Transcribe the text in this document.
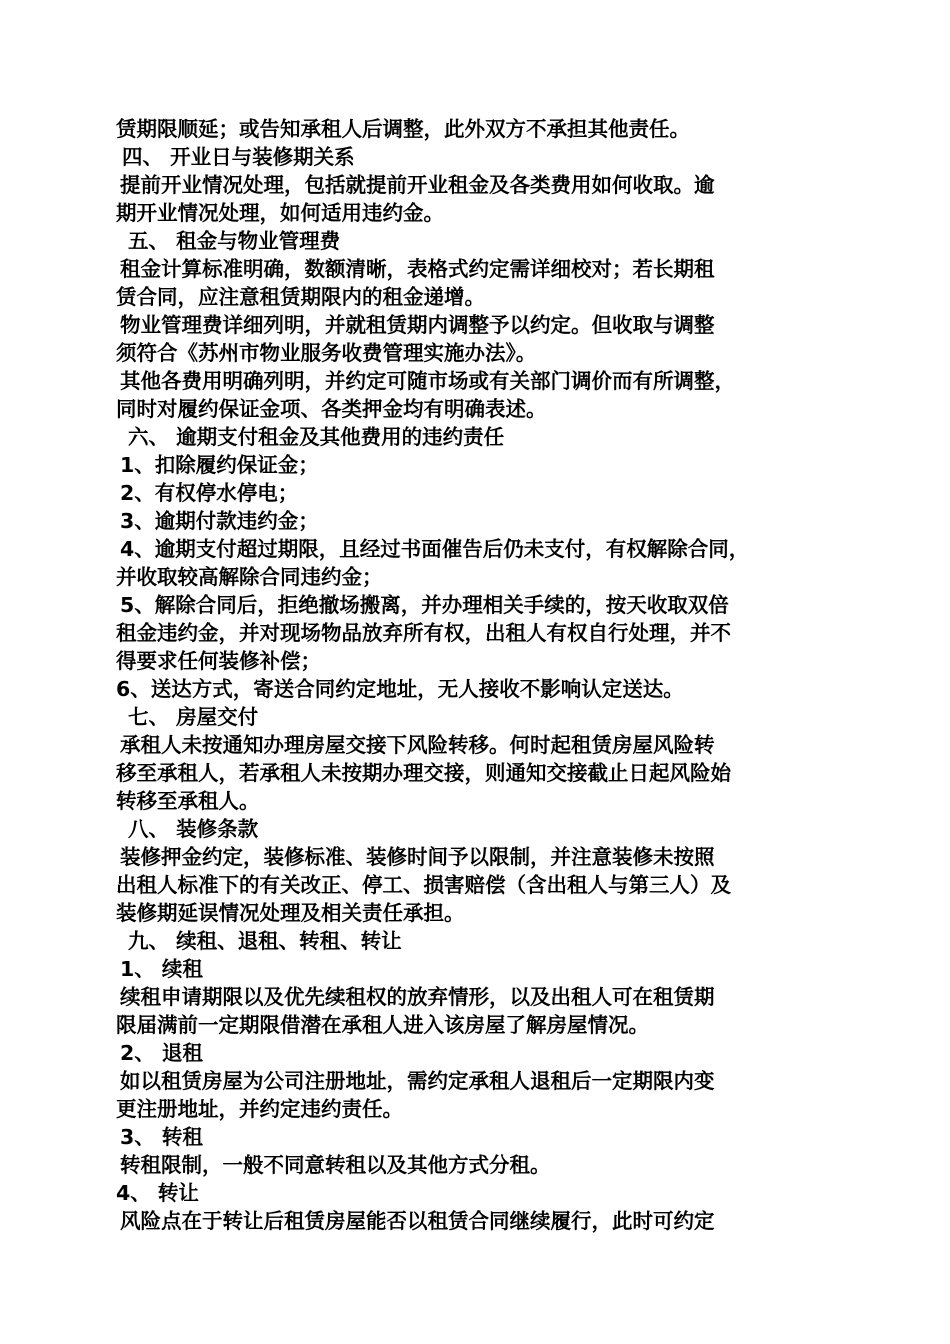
赁期限顺延；或告知承租人后调整，此外双方不承担其他责任。
四、 开业日与装修期关系
提前开业情况处理，包括就提前开业租金及各类费用如何收取。逾
期开业情况处理，如何适用违约金。
五、 租金与物业管理费
租金计算标准明确，数额清晰，表格式约定需详细校对；若长期租
赁合同，应注意租赁期限内的租金递增。
物业管理费详细列明，并就租赁期内调整予以约定。但收取与调整
须符合《苏州市物业服务收费管理实施办法》。
其他各费用明确列明，并约定可随市场或有关部门调价而有所调整，
同时对履约保证金项、各类押金均有明确表述。
六、 逾期支付租金及其他费用的违约责任
1、扣除履约保证金；
2、有权停水停电；
3、逾期付款违约金；
4、逾期支付超过期限，且经过书面催告后仍未支付，有权解除合同，
并收取较高解除合同违约金；
5、解除合同后，拒绝撤场搬离，并办理相关手续的，按天收取双倍
租金违约金，并对现场物品放弃所有权，出租人有权自行处理，并不
得要求任何装修补偿；
6、送达方式，寄送合同约定地址，无人接收不影响认定送达。
七、 房屋交付
承租人未按通知办理房屋交接下风险转移。何时起租赁房屋风险转
移至承租人，若承租人未按期办理交接，则通知交接截止日起风险始
转移至承租人。
八、 装修条款
装修押金约定，装修标准、装修时间予以限制，并注意装修未按照
出租人标准下的有关改正、停工、损害赔偿（含出租人与第三人）及
装修期延误情况处理及相关责任承担。
九、 续租、退租、转租、转让
1、 续租
续租申请期限以及优先续租权的放弃情形，以及出租人可在租赁期
限届满前一定期限借潜在承租人进入该房屋了解房屋情况。
2、 退租
如以租赁房屋为公司注册地址，需约定承租人退租后一定期限内变
更注册地址，并约定违约责任。
3、 转租
转租限制，一般不同意转租以及其他方式分租。
4、 转让
风险点在于转让后租赁房屋能否以租赁合同继续履行，此时可约定
